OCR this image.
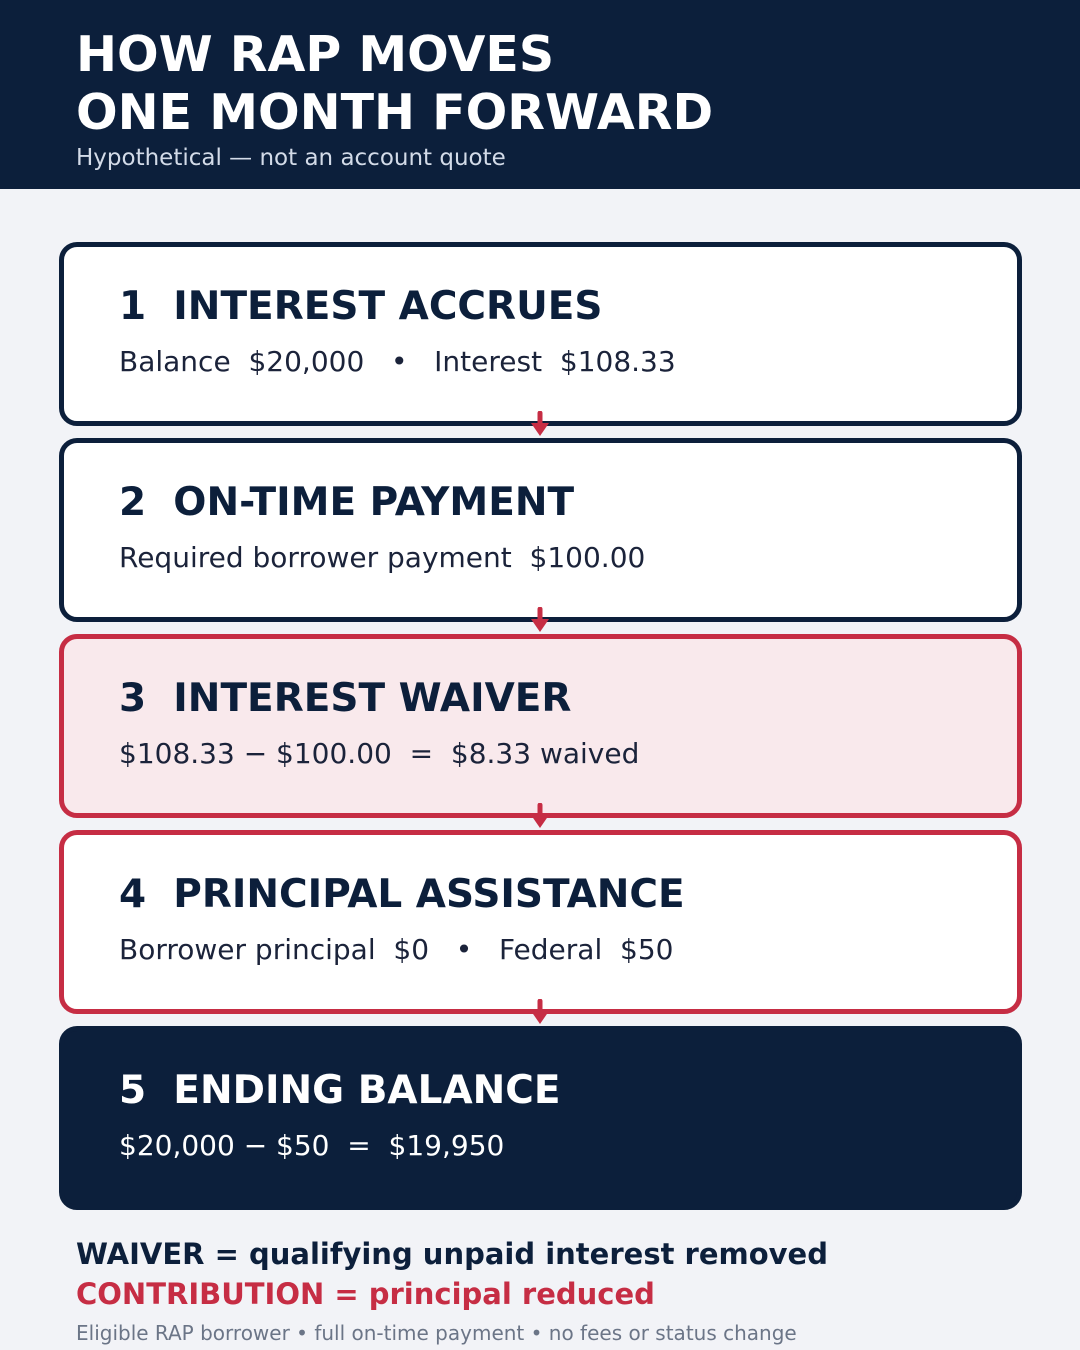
HOW RAP MOVES
ONE MONTH FORWARD
Hypothetical — not an account quote
1 INTEREST ACCRUES
Balance  $20,000   •   Interest  $108.33
2 ON-TIME PAYMENT
Required borrower payment  $100.00
3 INTEREST WAIVER
$108.33 − $100.00  =  $8.33 waived
4 PRINCIPAL ASSISTANCE
Borrower principal  $0   •   Federal  $50
5 ENDING BALANCE
$20,000 − $50  =  $19,950
WAIVER = qualifying unpaid interest removed
CONTRIBUTION = principal reduced
Eligible RAP borrower • full on-time payment • no fees or status change
